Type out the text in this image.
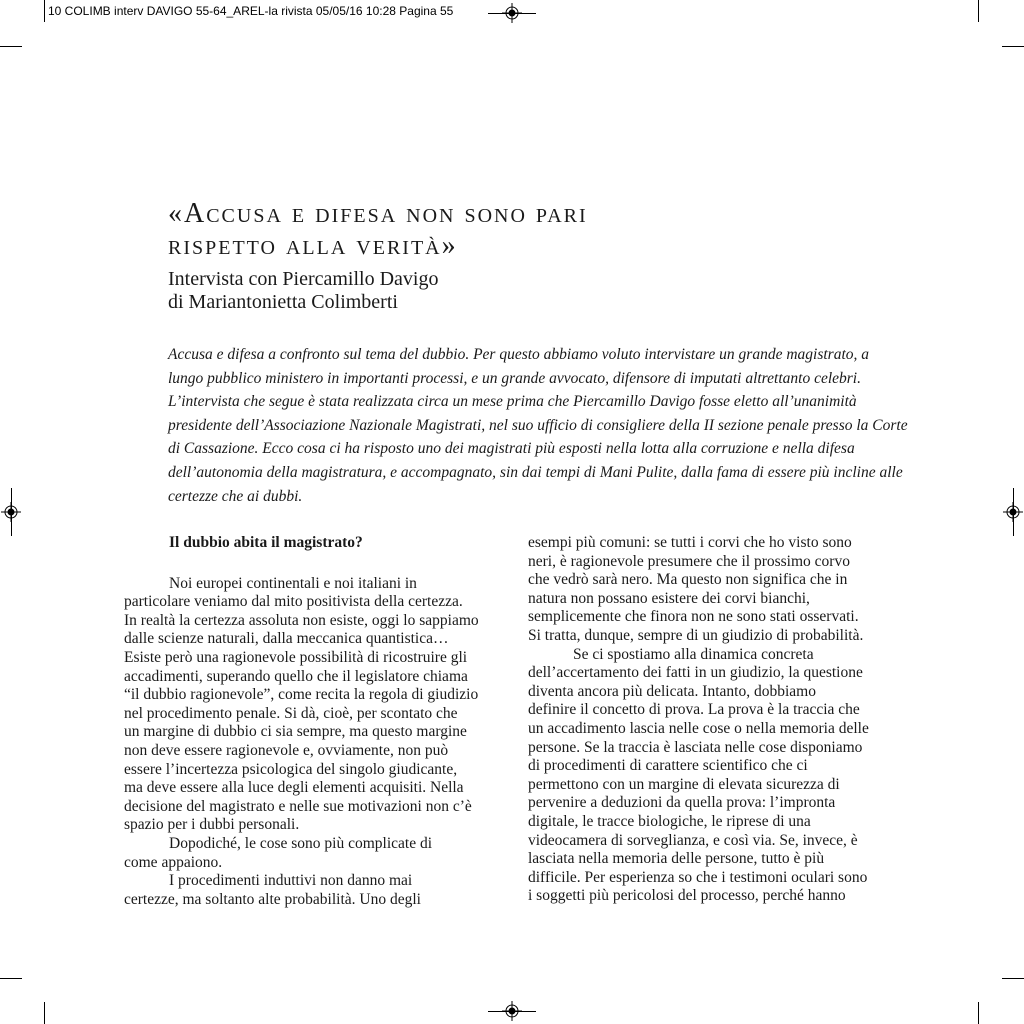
10 COLIMB interv DAVIGO 55-64_AREL-la rivista 05/05/16 10:28 Pagina 55
«Accusa e difesa non sono pari
rispetto alla verità»
Intervista con Piercamillo Davigo
di Mariantonietta Colimberti
Accusa e difesa a confronto sul tema del dubbio. Per questo abbiamo voluto intervistare un grande magistrato, a lungo pubblico ministero in importanti processi, e un grande avvocato, difensore di imputati altrettanto celebri. L’intervista che segue è stata realizzata circa un mese prima che Piercamillo Davigo fosse eletto all’unanimità presidente dell’Associazione Nazionale Magistrati, nel suo ufficio di consigliere della II sezione penale presso la Corte di Cassazione. Ecco cosa ci ha risposto uno dei magistrati più esposti nella lotta alla corruzione e nella difesa dell’autonomia della magistratura, e accompagnato, sin dai tempi di Mani Pulite, dalla fama di essere più incline alle certezze che ai dubbi.
Il dubbio abita il magistrato?
Noi europei continentali e noi italiani in
particolare veniamo dal mito positivista della certezza.
In realtà la certezza assoluta non esiste, oggi lo sappiamo
dalle scienze naturali, dalla meccanica quantistica…
Esiste però una ragionevole possibilità di ricostruire gli
accadimenti, superando quello che il legislatore chiama
“il dubbio ragionevole”, come recita la regola di giudizio
nel procedimento penale. Si dà, cioè, per scontato che
un margine di dubbio ci sia sempre, ma questo margine
non deve essere ragionevole e, ovviamente, non può
essere l’incertezza psicologica del singolo giudicante,
ma deve essere alla luce degli elementi acquisiti. Nella
decisione del magistrato e nelle sue motivazioni non c’è
spazio per i dubbi personali.
Dopodiché, le cose sono più complicate di
come appaiono.
I procedimenti induttivi non danno mai
certezze, ma soltanto alte probabilità. Uno degli
esempi più comuni: se tutti i corvi che ho visto sono
neri, è ragionevole presumere che il prossimo corvo
che vedrò sarà nero. Ma questo non significa che in
natura non possano esistere dei corvi bianchi,
semplicemente che finora non ne sono stati osservati.
Si tratta, dunque, sempre di un giudizio di probabilità.
Se ci spostiamo alla dinamica concreta
dell’accertamento dei fatti in un giudizio, la questione
diventa ancora più delicata. Intanto, dobbiamo
definire il concetto di prova. La prova è la traccia che
un accadimento lascia nelle cose o nella memoria delle
persone. Se la traccia è lasciata nelle cose disponiamo
di procedimenti di carattere scientifico che ci
permettono con un margine di elevata sicurezza di
pervenire a deduzioni da quella prova: l’impronta
digitale, le tracce biologiche, le riprese di una
videocamera di sorveglianza, e così via. Se, invece, è
lasciata nella memoria delle persone, tutto è più
difficile. Per esperienza so che i testimoni oculari sono
i soggetti più pericolosi del processo, perché hanno
